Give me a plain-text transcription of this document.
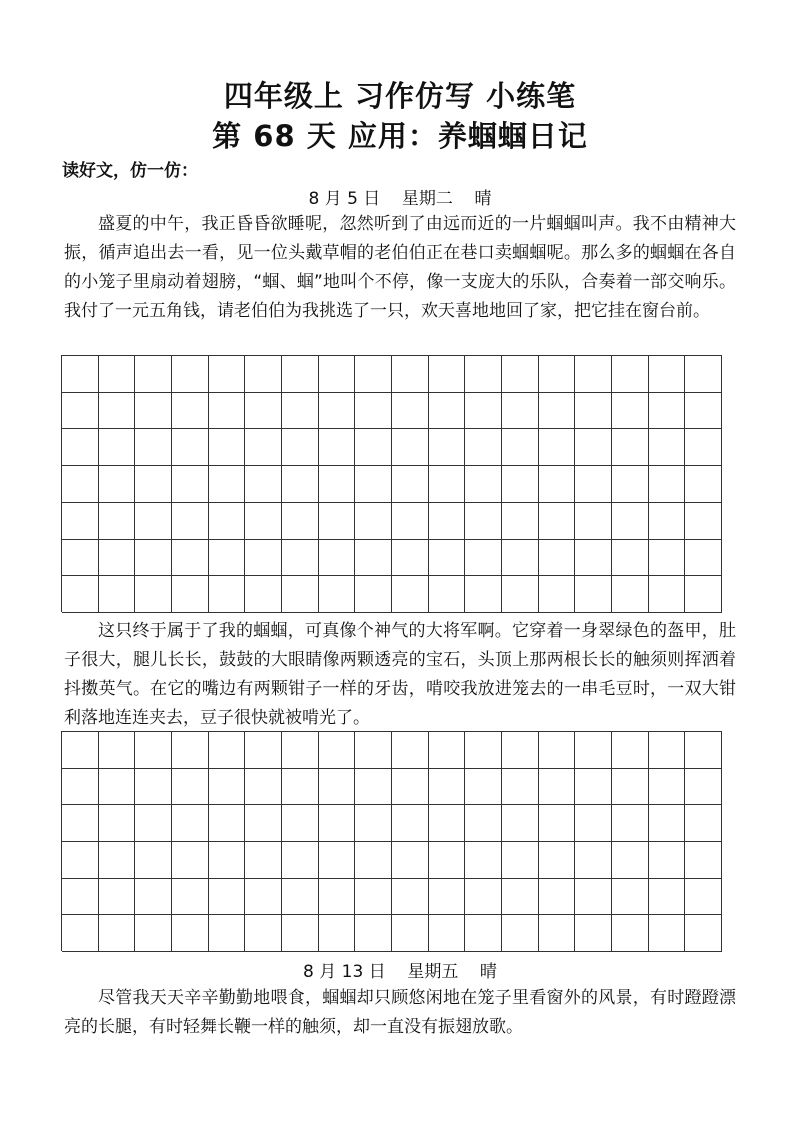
四年级上 习作仿写 小练笔
第 68 天 应用：养蝈蝈日记

读好文，仿一仿：

8 月 5 日    星期二    晴

盛夏的中午，我正昏昏欲睡呢，忽然听到了由远而近的一片蝈蝈叫声。我不由精神大振，循声追出去一看，见一位头戴草帽的老伯伯正在巷口卖蝈蝈呢。那么多的蝈蝈在各自的小笼子里扇动着翅膀，“蝈、蝈”地叫个不停，像一支庞大的乐队，合奏着一部交响乐。我付了一元五角钱，请老伯伯为我挑选了一只，欢天喜地地回了家，把它挂在窗台前。

这只终于属于了我的蝈蝈，可真像个神气的大将军啊。它穿着一身翠绿色的盔甲，肚子很大，腿儿长长，鼓鼓的大眼睛像两颗透亮的宝石，头顶上那两根长长的触须则挥洒着抖擞英气。在它的嘴边有两颗钳子一样的牙齿，啃咬我放进笼去的一串毛豆时，一双大钳利落地连连夹去，豆子很快就被啃光了。

8 月 13 日    星期五    晴

尽管我天天辛辛勤勤地喂食，蝈蝈却只顾悠闲地在笼子里看窗外的风景，有时蹬蹬漂亮的长腿，有时轻舞长鞭一样的触须，却一直没有振翅放歌。
